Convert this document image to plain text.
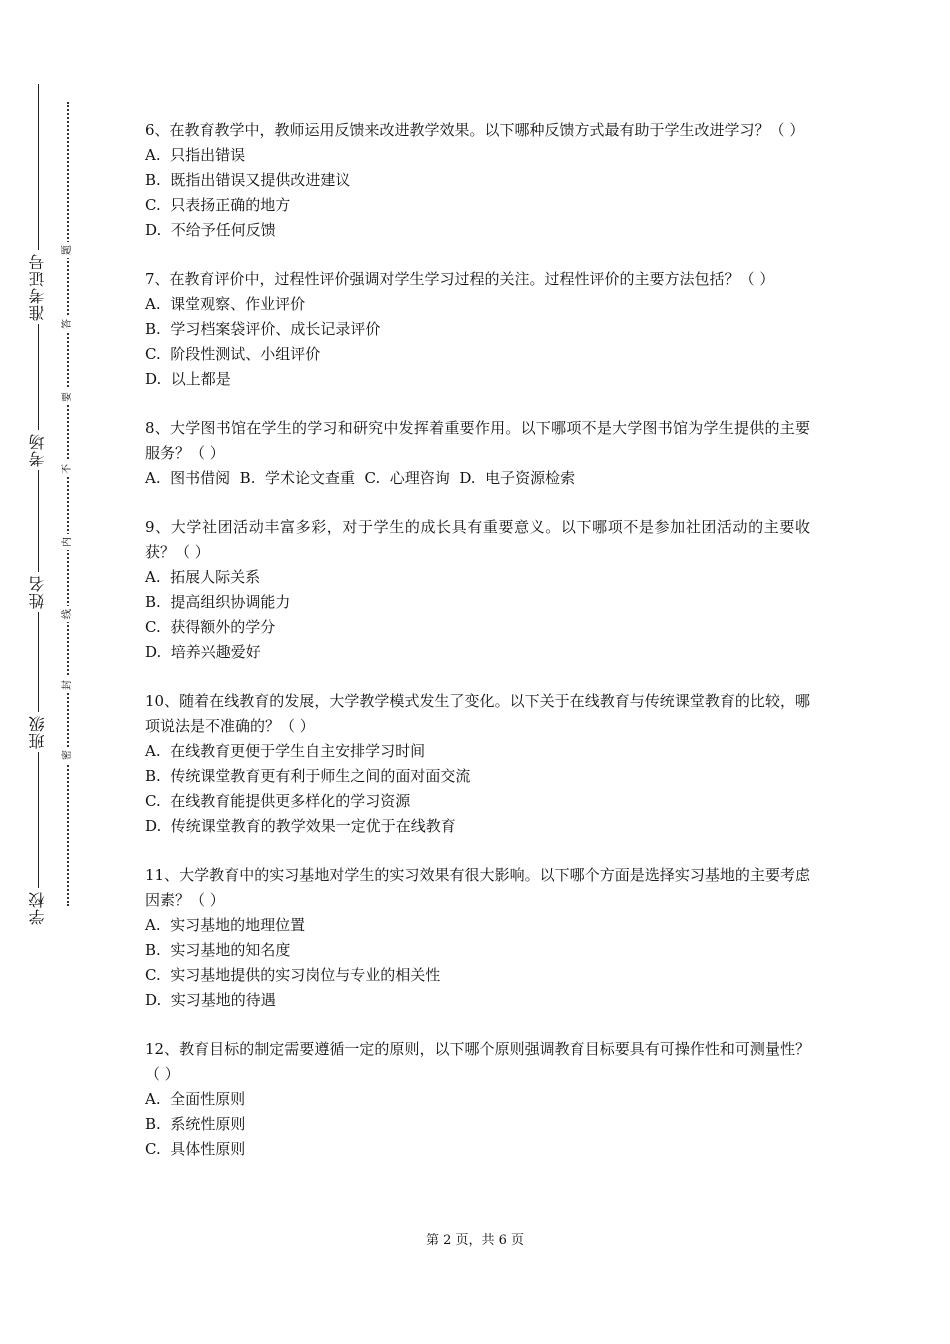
准考证号
考场
姓名
班级
学校
题
答
要
不
内
线
封
密

6、在教育教学中，教师运用反馈来改进教学效果。以下哪种反馈方式最有助于学生改进学习？（ ）

A.  只指出错误

B.  既指出错误又提供改进建议

C.  只表扬正确的地方

D.  不给予任何反馈

7、在教育评价中，过程性评价强调对学生学习过程的关注。过程性评价的主要方法包括？（ ）

A.  课堂观察、作业评价

B.  学习档案袋评价、成长记录评价

C.  阶段性测试、小组评价

D.  以上都是

8、大学图书馆在学生的学习和研究中发挥着重要作用。以下哪项不是大学图书馆为学生提供的主要服务？（ ）

A.  图书借阅  B.  学术论文查重  C.  心理咨询  D.  电子资源检索

9、大学社团活动丰富多彩，对于学生的成长具有重要意义。以下哪项不是参加社团活动的主要收获？（ ）

A.  拓展人际关系

B.  提高组织协调能力

C.  获得额外的学分

D.  培养兴趣爱好

10、随着在线教育的发展，大学教学模式发生了变化。以下关于在线教育与传统课堂教育的比较，哪项说法是不准确的？（ ）

A.  在线教育更便于学生自主安排学习时间

B.  传统课堂教育更有利于师生之间的面对面交流

C.  在线教育能提供更多样化的学习资源

D.  传统课堂教育的教学效果一定优于在线教育

11、大学教育中的实习基地对学生的实习效果有很大影响。以下哪个方面是选择实习基地的主要考虑因素？（ ）

A.  实习基地的地理位置

B.  实习基地的知名度

C.  实习基地提供的实习岗位与专业的相关性

D.  实习基地的待遇

12、教育目标的制定需要遵循一定的原则，以下哪个原则强调教育目标要具有可操作性和可测量性？（ ）

A.  全面性原则

B.  系统性原则

C.  具体性原则

第 2 页，共 6 页
